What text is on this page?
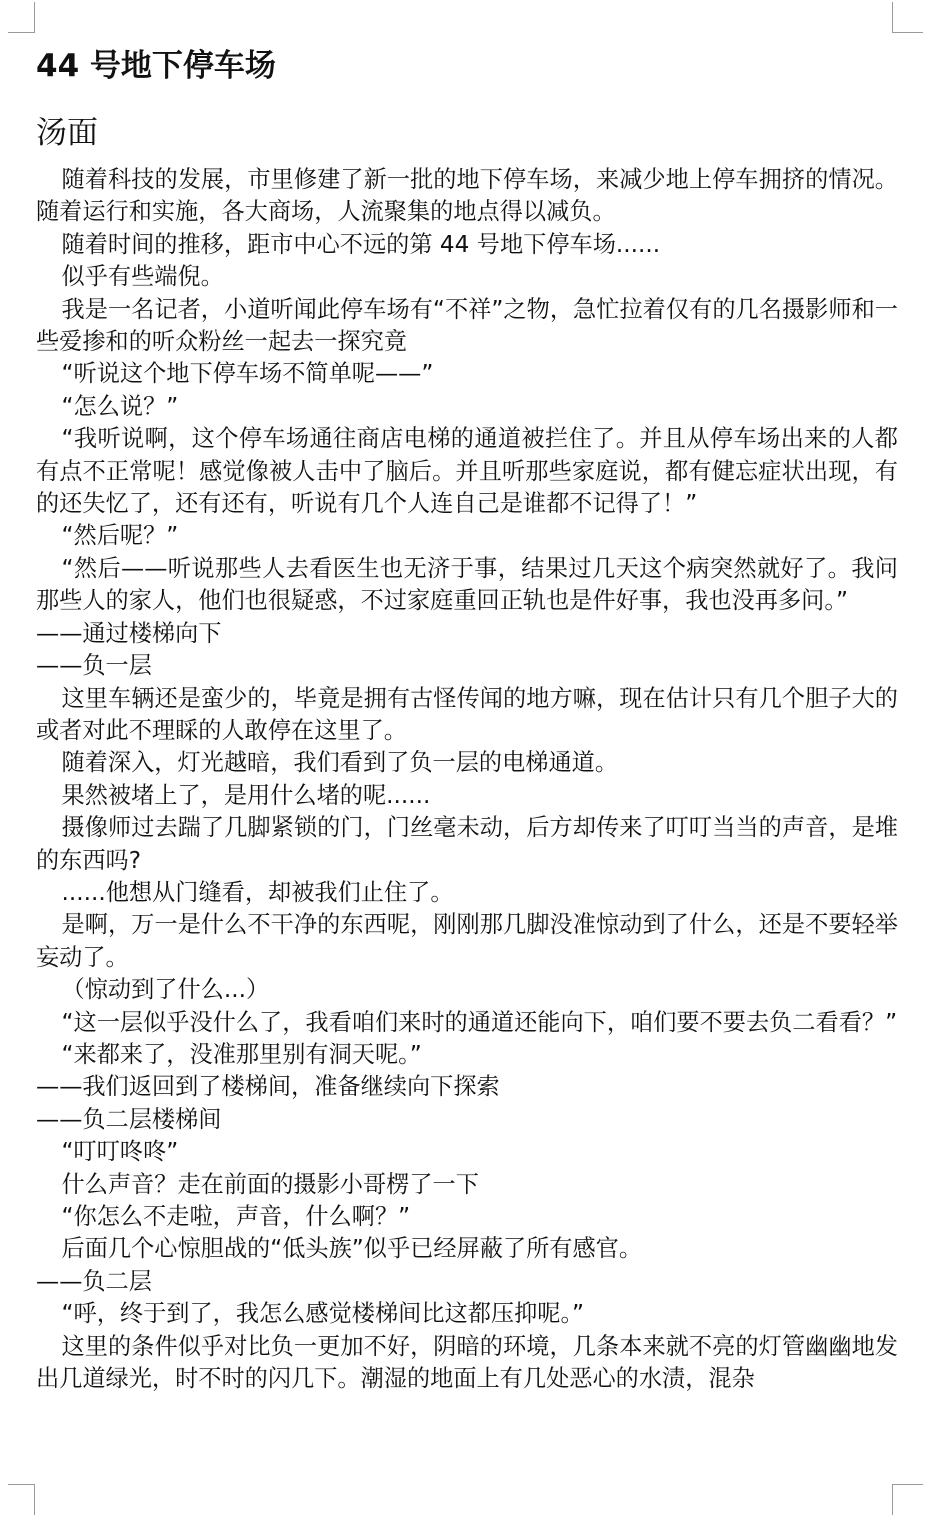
44 号地下停车场
汤面

随着科技的发展，市里修建了新一批的地下停车场，来减少地上停车拥挤的情况。随着运行和实施，各大商场，人流聚集的地点得以减负。

随着时间的推移，距市中心不远的第 44 号地下停车场......

似乎有些端倪。

我是一名记者，小道听闻此停车场有“不祥”之物，急忙拉着仅有的几名摄影师和一些爱掺和的听众粉丝一起去一探究竟

“听说这个地下停车场不简单呢——”

“怎么说？”

“我听说啊，这个停车场通往商店电梯的通道被拦住了。并且从停车场出来的人都有点不正常呢！感觉像被人击中了脑后。并且听那些家庭说，都有健忘症状出现，有的还失忆了，还有还有，听说有几个人连自己是谁都不记得了！”

“然后呢？”

“然后——听说那些人去看医生也无济于事，结果过几天这个病突然就好了。我问那些人的家人，他们也很疑惑，不过家庭重回正轨也是件好事，我也没再多问。”

——通过楼梯向下

——负一层

这里车辆还是蛮少的，毕竟是拥有古怪传闻的地方嘛，现在估计只有几个胆子大的或者对此不理睬的人敢停在这里了。

随着深入，灯光越暗，我们看到了负一层的电梯通道。

果然被堵上了，是用什么堵的呢......

摄像师过去踹了几脚紧锁的门，门丝毫未动，后方却传来了叮叮当当的声音，是堆的东西吗?

......他想从门缝看，却被我们止住了。

是啊，万一是什么不干净的东西呢，刚刚那几脚没准惊动到了什么，还是不要轻举妄动了。

（惊动到了什么...）

“这一层似乎没什么了，我看咱们来时的通道还能向下，咱们要不要去负二看看？”

“来都来了，没准那里别有洞天呢。”

——我们返回到了楼梯间，准备继续向下探索

——负二层楼梯间

“叮叮咚咚”

什么声音？走在前面的摄影小哥楞了一下

“你怎么不走啦，声音，什么啊？”

后面几个心惊胆战的“低头族”似乎已经屏蔽了所有感官。

——负二层

“呼，终于到了，我怎么感觉楼梯间比这都压抑呢。”

这里的条件似乎对比负一更加不好，阴暗的环境，几条本来就不亮的灯管幽幽地发出几道绿光，时不时的闪几下。潮湿的地面上有几处恶心的水渍，混杂
